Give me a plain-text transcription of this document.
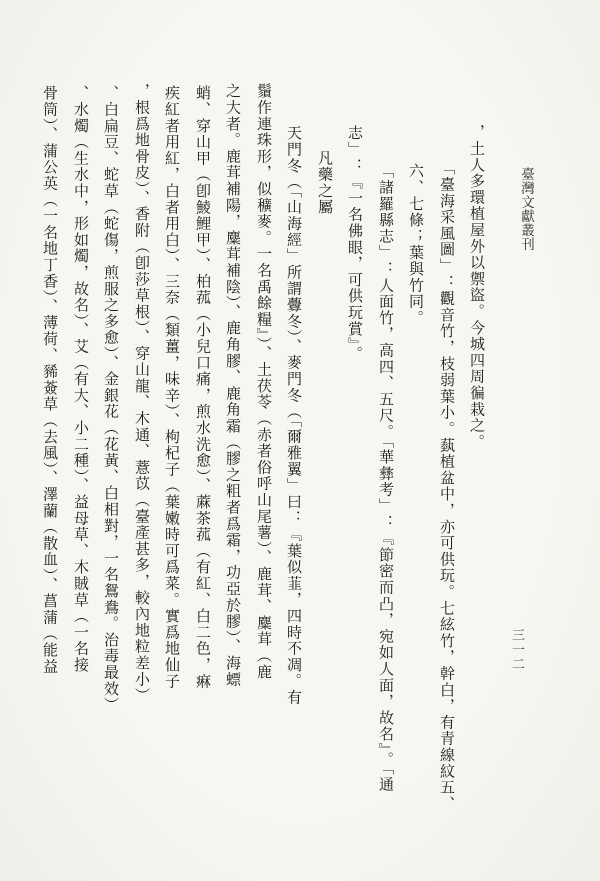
臺灣文獻叢刊
三一二
，土人多環植屋外以禦盜。今城四周徧栽之。
「臺海采風圖」：觀音竹，枝弱葉小。蓺植盆中，亦可供玩。七絃竹，幹白，有青線紋五、
六、七條；葉與竹同。
「諸羅縣志」：人面竹，高四、五尺。「華彝考」：『節密而凸，宛如人面，故名』。「通
志」：『一名佛眼，可供玩賞』。
凡藥之屬
天門冬（「山海經」所謂虋冬）、麥門冬（「爾雅翼」曰：『葉似韮，四時不凋。有
鬚作連珠形，似穬麥。一名禹餘糧』）、土茯苓（赤者俗呼山尾薯）、鹿茸、麋茸（鹿
之大者。鹿茸補陽，麋茸補陰）、鹿角膠、鹿角霜（膠之粗者爲霜，功亞於膠）、海螵
蛸、穿山甲（卽鯪鯉甲）、柏菰（小兒口痛，煎水洗愈）、蔴茶菰（有紅、白二色，痳
疾紅者用紅，白者用白）、三奈（類薑，味辛）、枸杞子（葉嫩時可爲菜。實爲地仙子
，根爲地骨皮）、香附（卽莎草根）、穿山龍、木通、薏苡（臺產甚多，較內地粒差小）
、白扁豆、蛇草（蛇傷，煎服之多愈）、金銀花（花黃、白相對，一名鴛鴦。治毒最效）
、水燭（生水中，形如燭，故名）、艾（有大、小二種）、益母草、木賊草（一名接
骨筒）、蒲公英（一名地丁香）、薄荷、豨薟草（去風）、澤蘭（散血）、菖蒲（能益
